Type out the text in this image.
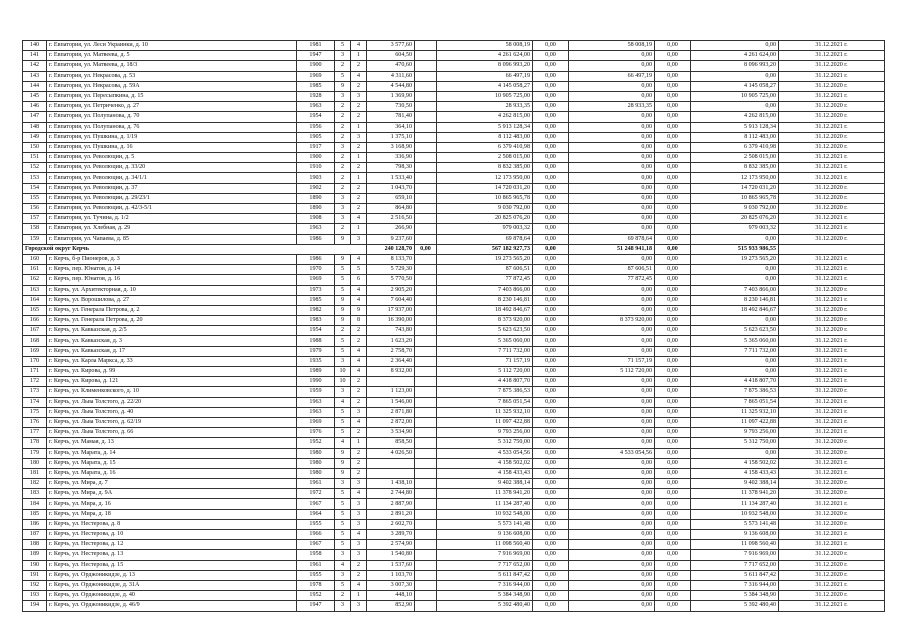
140	г. Евпатория, ул. Леси Украинки, д. 10	1981	5	4	3 577,60		58 008,19	0,00	58 008,19	0,00	0,00	31.12.2021 г.
141	г. Евпатория, ул. Матвеева, д. 5	1947	3	1	604,50		4 261 624,00	0,00	0,00	0,00	4 261 624,00	31.12.2021 г.
142	г. Евпатория, ул. Матвеева, д. 18/3	1900	2	2	470,60		8 096 993,20	0,00	0,00	0,00	8 096 993,20	31.12.2020 г.
143	г. Евпатория, ул. Некрасова, д. 53	1969	5	4	4 311,60		66 497,19	0,00	66 497,19	0,00	0,00	31.12.2021 г.
144	г. Евпатория, ул. Некрасова, д. 59А	1985	9	2	4 544,80		4 145 058,27	0,00	0,00	0,00	4 145 058,27	31.12.2020 г.
145	г. Евпатория, ул. Пересыпкина, д. 15	1928	3	3	1 369,90		10 905 725,00	0,00	0,00	0,00	10 905 725,00	31.12.2021 г.
146	г. Евпатория, ул. Петриченко, д. 27	1963	2	2	730,50		28 933,35	0,00	28 933,35	0,00	0,00	31.12.2020 г.
147	г. Евпатория, ул. Полупанова, д. 70	1954	2	2	781,40		4 262 815,00	0,00	0,00	0,00	4 262 815,00	31.12.2020 г.
148	г. Евпатория, ул. Полупанова, д. 76	1956	2	1	364,10		5 913 128,34	0,00	0,00	0,00	5 913 128,34	31.12.2021 г.
149	г. Евпатория, ул. Пушкина, д. 1/19	1905	2	3	1 375,10		8 112 483,00	0,00	0,00	0,00	8 112 483,00	31.12.2020 г.
150	г. Евпатория, ул. Пушкина, д. 16	1917	3	2	3 168,90		6 379 410,98	0,00	0,00	0,00	6 379 410,98	31.12.2020 г.
151	г. Евпатория, ул. Революции, д. 5	1900	2	1	336,90		2 508 015,00	0,00	0,00	0,00	2 508 015,00	31.12.2021 г.
152	г. Евпатория, ул. Революции, д. 33/20	1910	2	2	798,30		8 832 385,00	0,00	0,00	0,00	8 832 385,00	31.12.2021 г.
153	г. Евпатория, ул. Революции, д. 34/1/1	1903	2	1	1 533,40		12 173 950,00	0,00	0,00	0,00	12 173 950,00	31.12.2021 г.
154	г. Евпатория, ул. Революции, д. 37	1902	2	2	1 043,70		14 720 031,20	0,00	0,00	0,00	14 720 031,20	31.12.2020 г.
155	г. Евпатория, ул. Революции, д. 29/23/1	1890	3	2	659,10		10 865 965,78	0,00	0,00	0,00	10 865 965,78	31.12.2020 г.
156	г. Евпатория, ул. Революции, д. 42/3-5/1	1890	3	2	864,80		9 030 792,00	0,00	0,00	0,00	9 030 792,00	31.12.2020 г.
157	г. Евпатория, ул. Тучина, д. 1/2	1908	3	4	2 516,50		20 825 076,20	0,00	0,00	0,00	20 825 076,20	31.12.2021 г.
158	г. Евпатория, ул. Хлебная, д. 29	1963	2	1	266,90		979 003,32	0,00	0,00	0,00	979 003,32	31.12.2021 г.
159	г. Евпатория, ул. Чапаева, д. 85	1986	9	3	9 237,60		69 878,64	0,00	69 878,64	0,00	0,00	31.12.2020 г.
Городской округ Керчь					240 128,70	0,00	567 182 927,73	0,00	51 248 941,18	0,00	515 933 986,55	
160	г. Керчь, б-р Пионеров, д. 3	1986	9	4	8 133,70		19 273 565,20	0,00	0,00	0,00	19 273 565,20	31.12.2021 г.
161	г. Керчь, пер. Юнатов, д. 14	1970	5	5	5 729,30		87 606,51	0,00	87 606,51	0,00	0,00	31.12.2021 г.
162	г. Керчь, пер. Юнатов, д. 16	1969	5	6	5 770,50		77 872,45	0,00	77 872,45	0,00	0,00	31.12.2021 г.
163	г. Керчь, ул. Архитекторная, д. 10	1973	5	4	2 905,20		7 403 866,00	0,00	0,00	0,00	7 403 866,00	31.12.2020 г.
164	г. Керчь, ул. Ворошилова, д. 27	1985	9	4	7 604,40		8 230 146,81	0,00	0,00	0,00	8 230 146,81	31.12.2021 г.
165	г. Керчь, ул. Генерала Петрова, д. 2	1982	9	9	17 937,00		18 492 846,67	0,00	0,00	0,00	18 492 846,67	31.12.2020 г.
166	г. Керчь, ул. Генерала Петрова, д. 20	1983	9	8	16 390,00		8 373 920,00	0,00	8 373 920,00	0,00	0,00	31.12.2020 г.
167	г. Керчь, ул. Кавказская, д. 2/5	1954	2	2	743,80		5 623 623,50	0,00	0,00	0,00	5 623 623,50	31.12.2020 г.
168	г. Керчь, ул. Кавказская, д. 3	1988	5	2	1 623,20		5 365 060,00	0,00	0,00	0,00	5 365 060,00	31.12.2021 г.
169	г. Керчь, ул. Кавказская, д. 17	1979	5	4	2 758,70		7 711 732,00	0,00	0,00	0,00	7 711 732,00	31.12.2021 г.
170	г. Керчь, ул. Карла Маркса, д. 33	1935	3	4	2 364,40		71 157,19	0,00	71 157,19	0,00	0,00	31.12.2021 г.
171	г. Керчь, ул. Кирова, д. 99	1989	10	4	8 932,00		5 112 720,00	0,00	5 112 720,00	0,00	0,00	31.12.2021 г.
172	г. Керчь, ул. Кирова, д. 121	1990	10	2			4 418 807,70	0,00	0,00	0,00	4 418 807,70	31.12.2021 г.
173	г. Керчь, ул. Клименковского, д. 10	1959	3	2	1 123,00		7 875 386,53	0,00	0,00	0,00	7 875 386,53	31.12.2020 г.
174	г. Керчь, ул. Льва Толстого, д. 22/20	1963	4	2	1 546,00		7 865 051,54	0,00	0,00	0,00	7 865 051,54	31.12.2021 г.
175	г. Керчь, ул. Льва Толстого, д. 40	1963	5	3	2 871,80		11 325 932,10	0,00	0,00	0,00	11 325 932,10	31.12.2021 г.
176	г. Керчь, ул. Льва Толстого, д. 62/19	1969	5	4	2 872,00		11 097 422,88	0,00	0,00	0,00	11 097 422,88	31.12.2021 г.
177	г. Керчь, ул. Льва Толстого, д. 66	1976	5	2	3 534,90		9 793 256,00	0,00	0,00	0,00	9 793 256,00	31.12.2021 г.
178	г. Керчь, ул. Мамая, д. 13	1952	4	1	858,50		5 312 750,00	0,00	0,00	0,00	5 312 750,00	31.12.2020 г.
179	г. Керчь, ул. Марата, д. 14	1980	9	2	4 026,50		4 533 054,56	0,00	4 533 054,56	0,00	0,00	31.12.2020 г.
180	г. Керчь, ул. Марата, д. 15	1980	9	2			4 158 502,02	0,00	0,00	0,00	4 158 502,02	31.12.2021 г.
181	г. Керчь, ул. Марата, д. 16	1980	9	2			4 158 433,43	0,00	0,00	0,00	4 158 433,43	31.12.2021 г.
182	г. Керчь, ул. Мира, д. 7	1961	3	3	1 438,10		9 402 388,14	0,00	0,00	0,00	9 402 388,14	31.12.2020 г.
183	г. Керчь, ул. Мира, д. 9А	1972	5	4	2 744,80		11 378 941,20	0,00	0,00	0,00	11 378 941,20	31.12.2020 г.
184	г. Керчь, ул. Мира, д. 16	1967	5	3	2 887,90		11 134 287,40	0,00	0,00	0,00	11 134 287,40	31.12.2021 г.
185	г. Керчь, ул. Мира, д. 18	1964	5	3	2 891,20		10 932 548,00	0,00	0,00	0,00	10 932 548,00	31.12.2020 г.
186	г. Керчь, ул. Нестерова, д. 8	1955	5	3	2 602,70		5 573 141,48	0,00	0,00	0,00	5 573 141,48	31.12.2020 г.
187	г. Керчь, ул. Нестерова, д. 10	1966	5	4	3 289,70		9 136 608,00	0,00	0,00	0,00	9 136 608,00	31.12.2021 г.
188	г. Керчь, ул. Нестерова, д. 12	1967	5	3	2 574,90		11 098 560,40	0,00	0,00	0,00	11 098 560,40	31.12.2021 г.
189	г. Керчь, ул. Нестерова, д. 13	1958	3	3	1 540,80		7 916 969,00	0,00	0,00	0,00	7 916 969,00	31.12.2020 г.
190	г. Керчь, ул. Нестерова, д. 15	1961	4	2	1 537,60		7 717 652,00	0,00	0,00	0,00	7 717 652,00	31.12.2020 г.
191	г. Керчь, ул. Орджоникидзе, д. 13	1955	3	2	1 103,70		5 611 847,42	0,00	0,00	0,00	5 611 847,42	31.12.2020 г.
192	г. Керчь, ул. Орджоникидзе, д. 31А	1978	5	4	3 007,30		7 316 944,00	0,00	0,00	0,00	7 316 944,00	31.12.2021 г.
193	г. Керчь, ул. Орджоникидзе, д. 40	1952	2	1	448,10		5 384 348,90	0,00	0,00	0,00	5 384 348,90	31.12.2020 г.
194	г. Керчь, ул. Орджоникидзе, д. 46/9	1947	3	3	852,90		5 392 480,40	0,00	0,00	0,00	5 392 480,40	31.12.2021 г.
